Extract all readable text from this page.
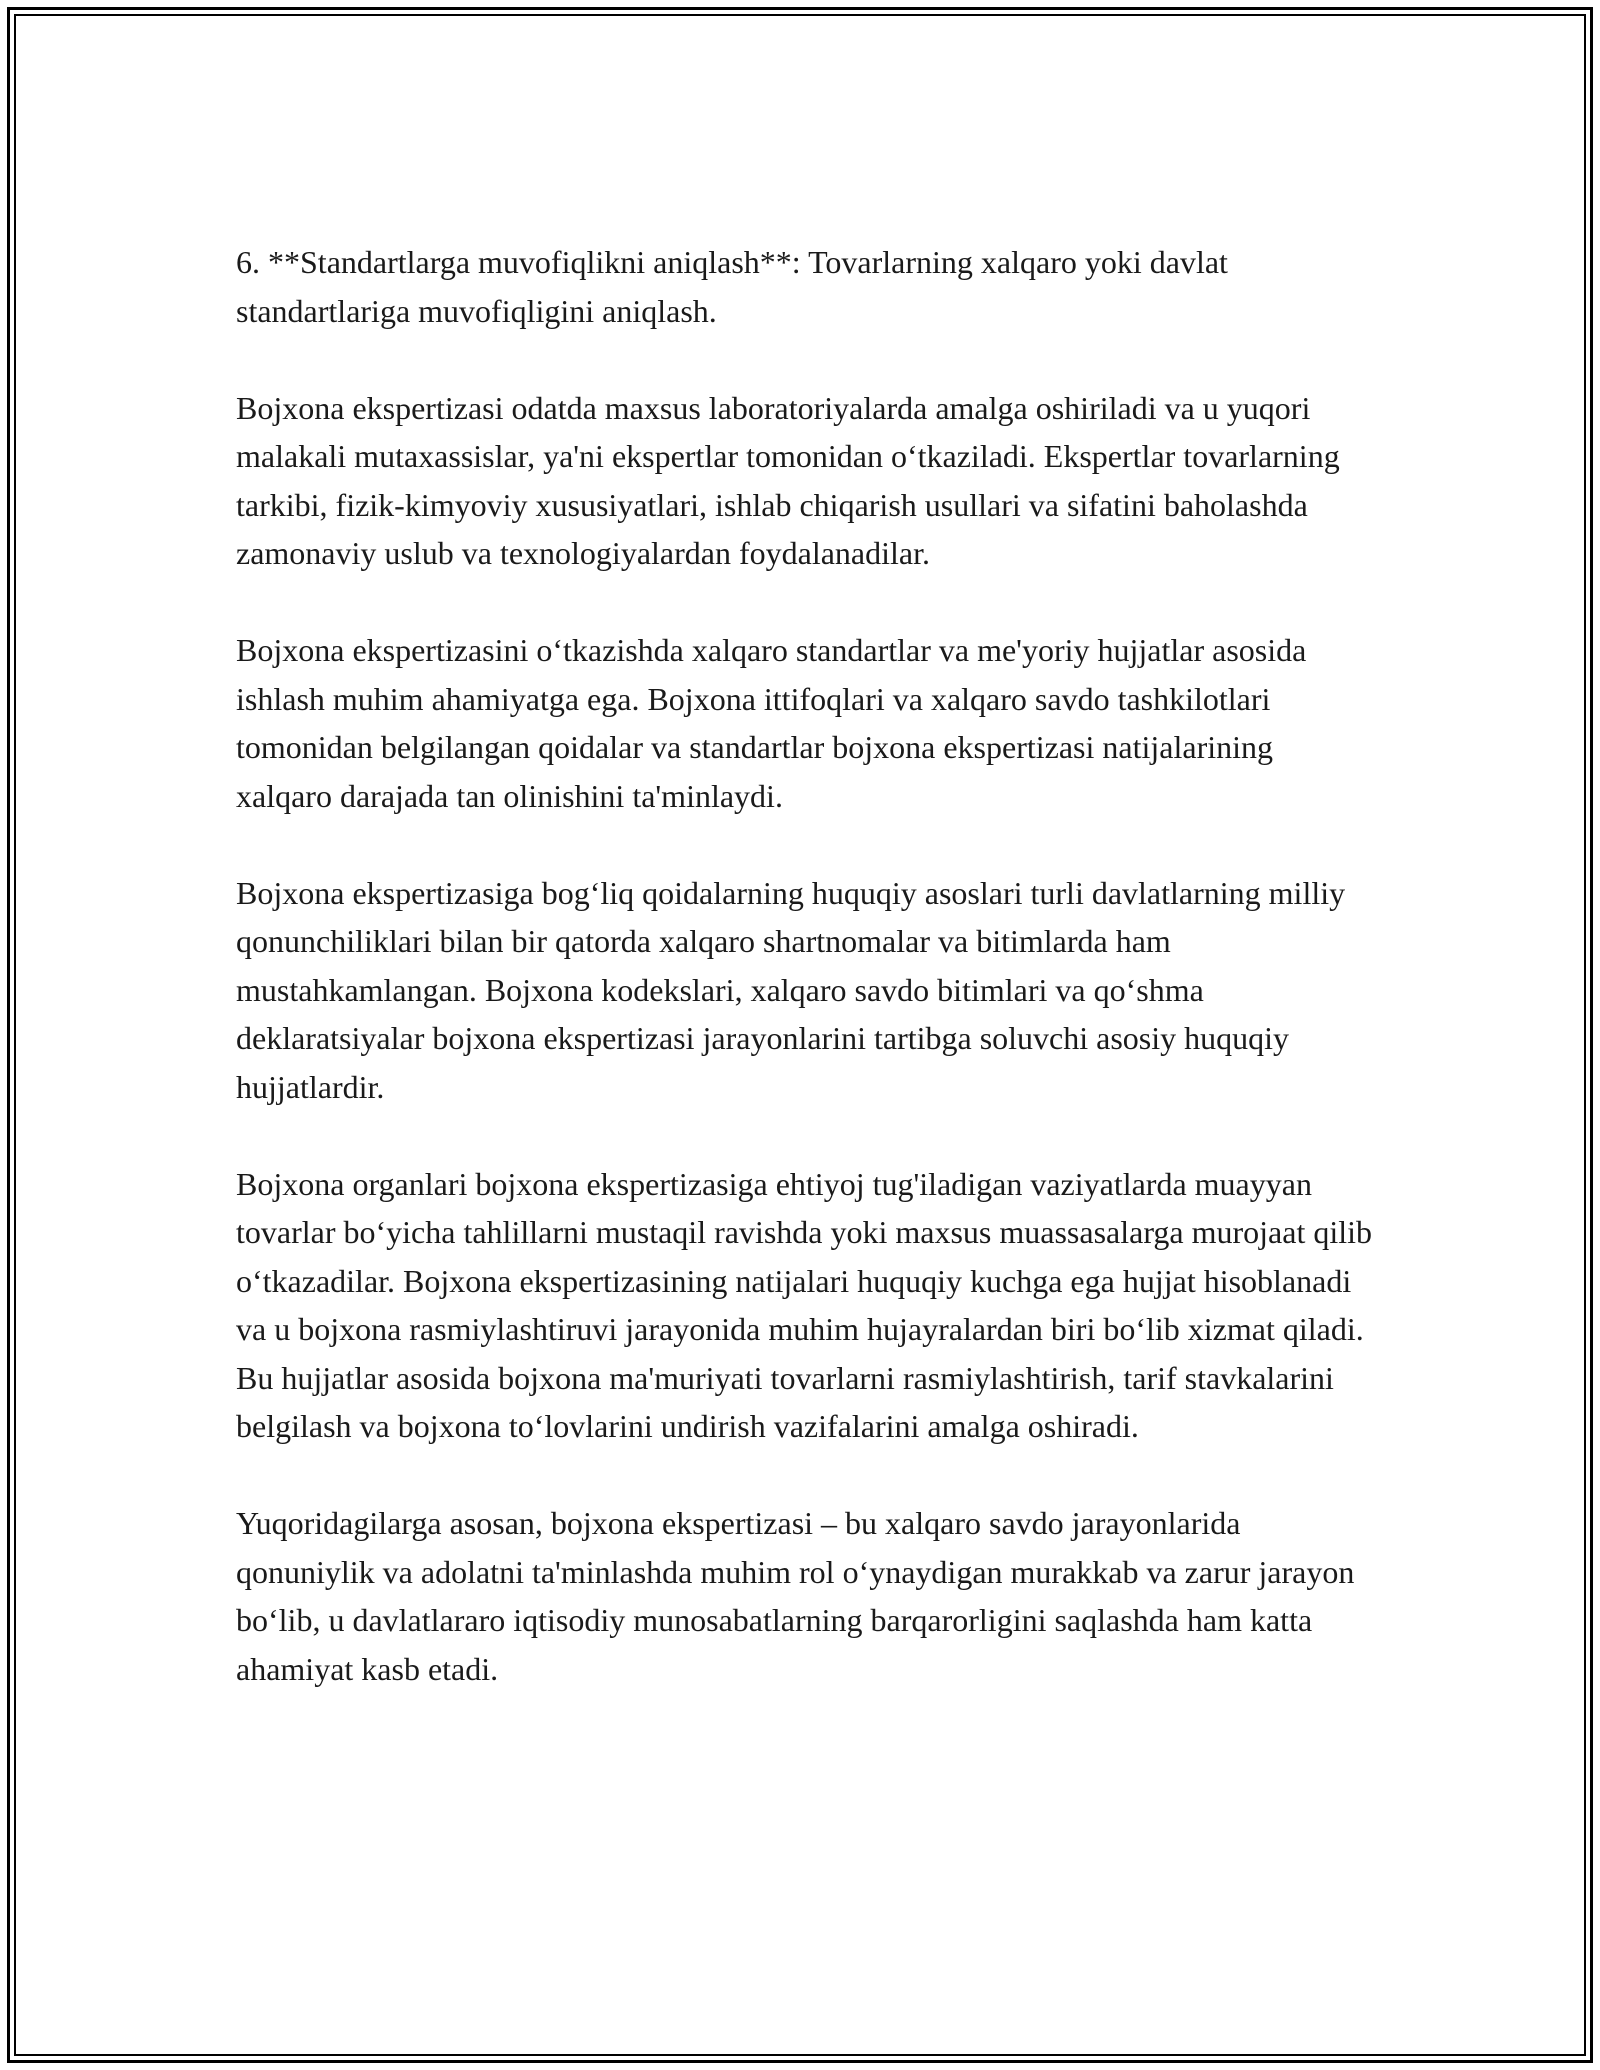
6. **Standartlarga muvofiqlikni aniqlash**: Tovarlarning xalqaro yoki davlat standartlariga muvofiqligini aniqlash.

Bojxona ekspertizasi odatda maxsus laboratoriyalarda amalga oshiriladi va u yuqori malakali mutaxassislar, ya'ni ekspertlar tomonidan o‘tkaziladi. Ekspertlar tovarlarning tarkibi, fizik-kimyoviy xususiyatlari, ishlab chiqarish usullari va sifatini baholashda zamonaviy uslub va texnologiyalardan foydalanadilar.

Bojxona ekspertizasini o‘tkazishda xalqaro standartlar va me'yoriy hujjatlar asosida ishlash muhim ahamiyatga ega. Bojxona ittifoqlari va xalqaro savdo tashkilotlari tomonidan belgilangan qoidalar va standartlar bojxona ekspertizasi natijalarining xalqaro darajada tan olinishini ta'minlaydi.

Bojxona ekspertizasiga bog‘liq qoidalarning huquqiy asoslari turli davlatlarning milliy qonunchiliklari bilan bir qatorda xalqaro shartnomalar va bitimlarda ham mustahkamlangan. Bojxona kodekslari, xalqaro savdo bitimlari va qo‘shma deklaratsiyalar bojxona ekspertizasi jarayonlarini tartibga soluvchi asosiy huquqiy hujjatlardir.

Bojxona organlari bojxona ekspertizasiga ehtiyoj tug'iladigan vaziyatlarda muayyan tovarlar bo‘yicha tahlillarni mustaqil ravishda yoki maxsus muassasalarga murojaat qilib o‘tkazadilar. Bojxona ekspertizasining natijalari huquqiy kuchga ega hujjat hisoblanadi va u bojxona rasmiylashtiruvi jarayonida muhim hujayralardan biri bo‘lib xizmat qiladi. Bu hujjatlar asosida bojxona ma'muriyati tovarlarni rasmiylashtirish, tarif stavkalarini belgilash va bojxona to‘lovlarini undirish vazifalarini amalga oshiradi.

Yuqoridagilarga asosan, bojxona ekspertizasi – bu xalqaro savdo jarayonlarida qonuniylik va adolatni ta'minlashda muhim rol o‘ynaydigan murakkab va zarur jarayon bo‘lib, u davlatlararo iqtisodiy munosabatlarning barqarorligini saqlashda ham katta ahamiyat kasb etadi.
